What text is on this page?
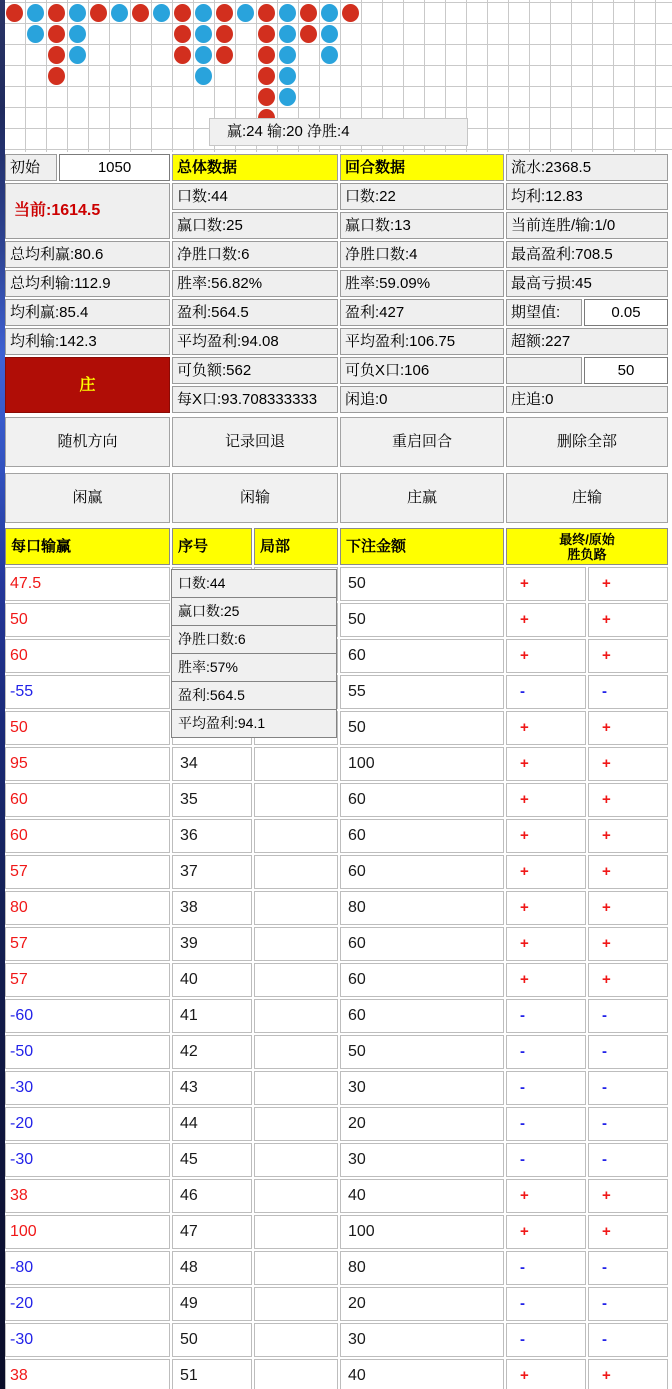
赢:24 输:20 净胜:4
初始	1050	总体数据	回合数据	流水:2368.5
当前:1614.5
口数:44	口数:22	均利:12.83
赢口数:25	赢口数:13	当前连胜/输:1/0
总均利赢:80.6	净胜口数:6	净胜口数:4	最高盈利:708.5
总均利输:112.9	胜率:56.82%	胜率:59.09%	最高亏损:45
均利赢:85.4	盈利:564.5	盈利:427	期望值:	0.05
均利输:142.3	平均盈利:94.08	平均盈利:106.75	超额:227
庄
可负额:562	可负X口:106	50
每X口:93.708333333	闲追:0	庄追:0
随机方向	记录回退	重启回合	删除全部
闲赢	闲输	庄赢	庄输
每口输赢	序号	局部	下注金额	最终/原始
胜负路
47.5	50	+	+
50	50	+	+
60	60	+	+
-55	55	-	-
50	50	+	+
95	34	100	+	+
60	35	60	+	+
60	36	60	+	+
57	37	60	+	+
80	38	80	+	+
57	39	60	+	+
57	40	60	+	+
-60	41	60	-	-
-50	42	50	-	-
-30	43	30	-	-
-20	44	20	-	-
-30	45	30	-	-
38	46	40	+	+
100	47	100	+	+
-80	48	80	-	-
-20	49	20	-	-
-30	50	30	-	-
38	51	40	+	+
口数:44
赢口数:25
净胜口数:6
胜率:57%
盈利:564.5
平均盈利:94.1
